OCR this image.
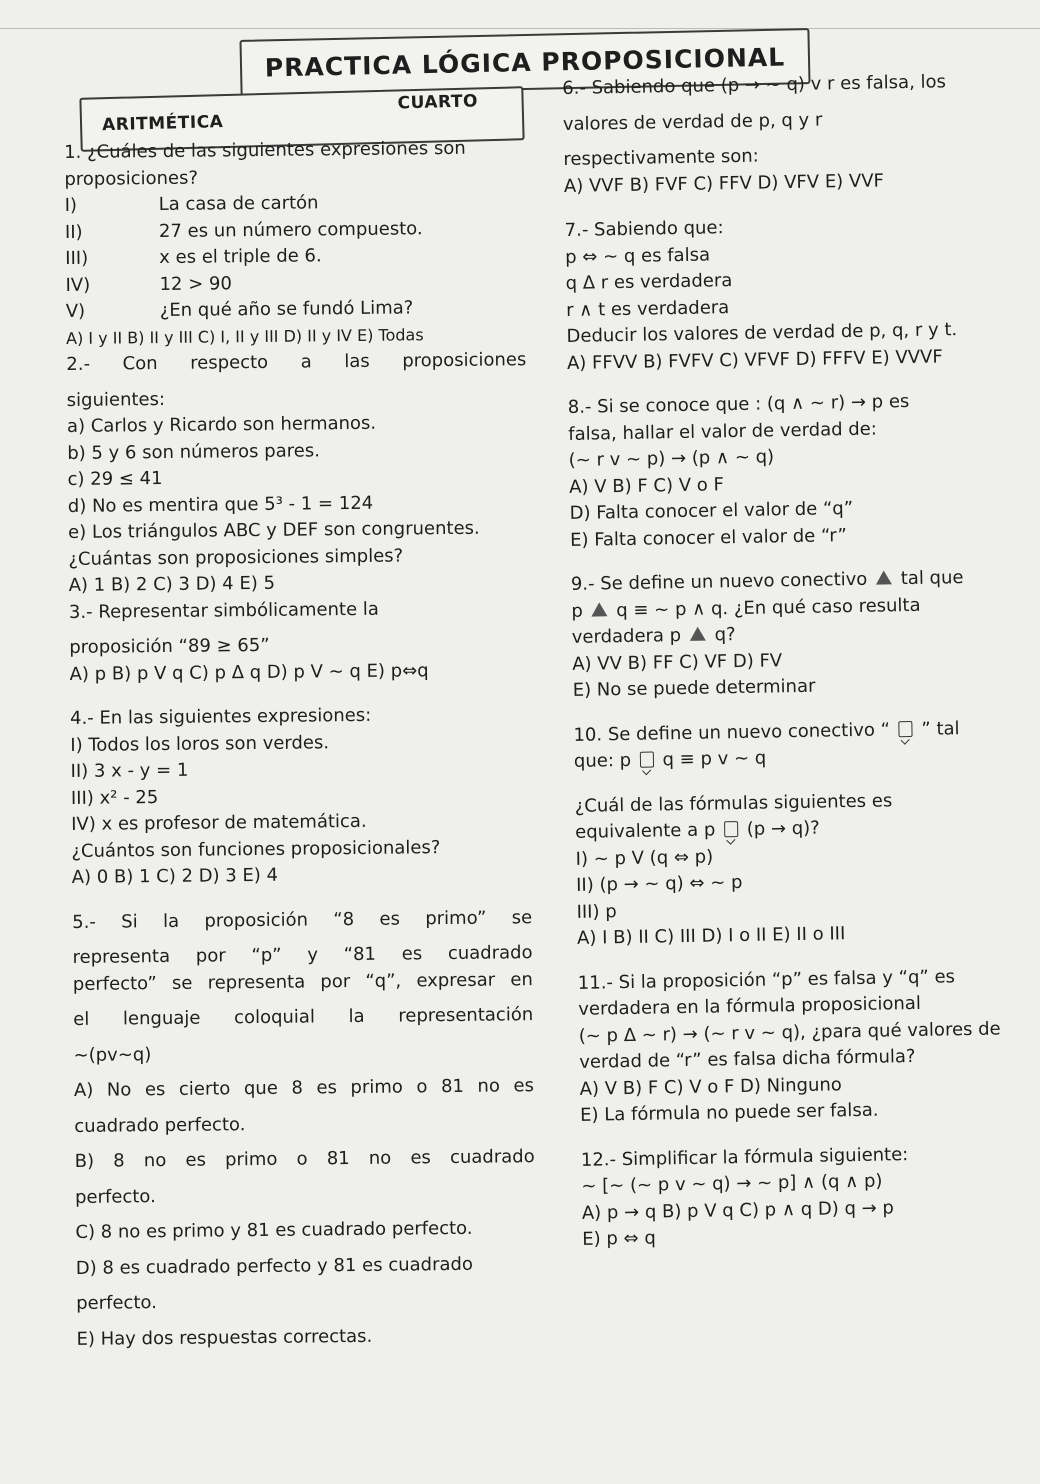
PRACTICA LÓGICA PROPOSICIONAL
ARITMÉTICA
CUARTO
1. ¿Cuáles de las siguientes expresiones son
proposiciones?
I)	La casa de cartón
II)	27 es un número compuesto.
III)	x es el triple de 6.
IV)	12 > 90
V)	¿En qué año se fundó Lima?
A) I y II B) II y III C) I, II y III D) II y IV E) Todas
2.- Con respecto a las proposiciones
siguientes:
a) Carlos y Ricardo son hermanos.
b) 5 y 6 son números pares.
c) 29 ≤ 41
d) No es mentira que 5³ - 1 = 124
e) Los triángulos ABC y DEF son congruentes.
¿Cuántas son proposiciones simples?
A) 1 B) 2 C) 3 D) 4 E) 5
3.- Representar simbólicamente la
proposición “89 ≥ 65”
A) p B) p V q C) p Δ q D) p V ~ q E) p⇔q
4.- En las siguientes expresiones:
I) Todos los loros son verdes.
II) 3 x - y = 1
III) x² - 25
IV) x es profesor de matemática.
¿Cuántos son funciones proposicionales?
A) 0 B) 1 C) 2 D) 3 E) 4
5.- Si la proposición “8 es primo” se
representa por “p” y “81 es cuadrado
perfecto” se representa por “q”, expresar en
el lenguaje coloquial la representación
~(pv~q)
A) No es cierto que 8 es primo o 81 no es
cuadrado perfecto.
B) 8 no es primo o 81 no es cuadrado
perfecto.
C) 8 no es primo y 81 es cuadrado perfecto.
D) 8 es cuadrado perfecto y 81 es cuadrado
perfecto.
E) Hay dos respuestas correctas.
6.- Sabiendo que (p → ~ q) v r es falsa, los
valores de verdad de p, q y r
respectivamente son:
A) VVF B) FVF C) FFV D) VFV E) VVF
7.- Sabiendo que:
p ⇔ ~ q es falsa
q Δ r es verdadera
r ∧ t es verdadera
Deducir los valores de verdad de p, q, r y t.
A) FFVV B) FVFV C) VFVF D) FFFV E) VVVF
8.- Si se conoce que : (q ∧ ~ r) → p es
falsa, hallar el valor de verdad de:
(~ r v ~ p) → (p ∧ ~ q)
A) V B) F C) V o F
D) Falta conocer el valor de “q”
E) Falta conocer el valor de “r”
9.- Se define un nuevo conectivo tal que
p q ≡ ~ p ∧ q. ¿En qué caso resulta
verdadera p q?
A) VV B) FF C) VF D) FV
E) No se puede determinar
10. Se define un nuevo conectivo “ ” tal
que: p q ≡ p v ~ q
¿Cuál de las fórmulas siguientes es
equivalente a p (p → q)?
I) ~ p V (q ⇔ p)
II) (p → ~ q) ⇔ ~ p
III) p
A) I B) II C) III D) I o II E) II o III
11.- Si la proposición “p” es falsa y “q” es
verdadera en la fórmula proposicional
(~ p Δ ~ r) → (~ r v ~ q), ¿para qué valores de
verdad de “r” es falsa dicha fórmula?
A) V B) F C) V o F D) Ninguno
E) La fórmula no puede ser falsa.
12.- Simplificar la fórmula siguiente:
~ [~ (~ p v ~ q) → ~ p] ∧ (q ∧ p)
A) p → q B) p V q C) p ∧ q D) q → p
E) p ⇔ q
